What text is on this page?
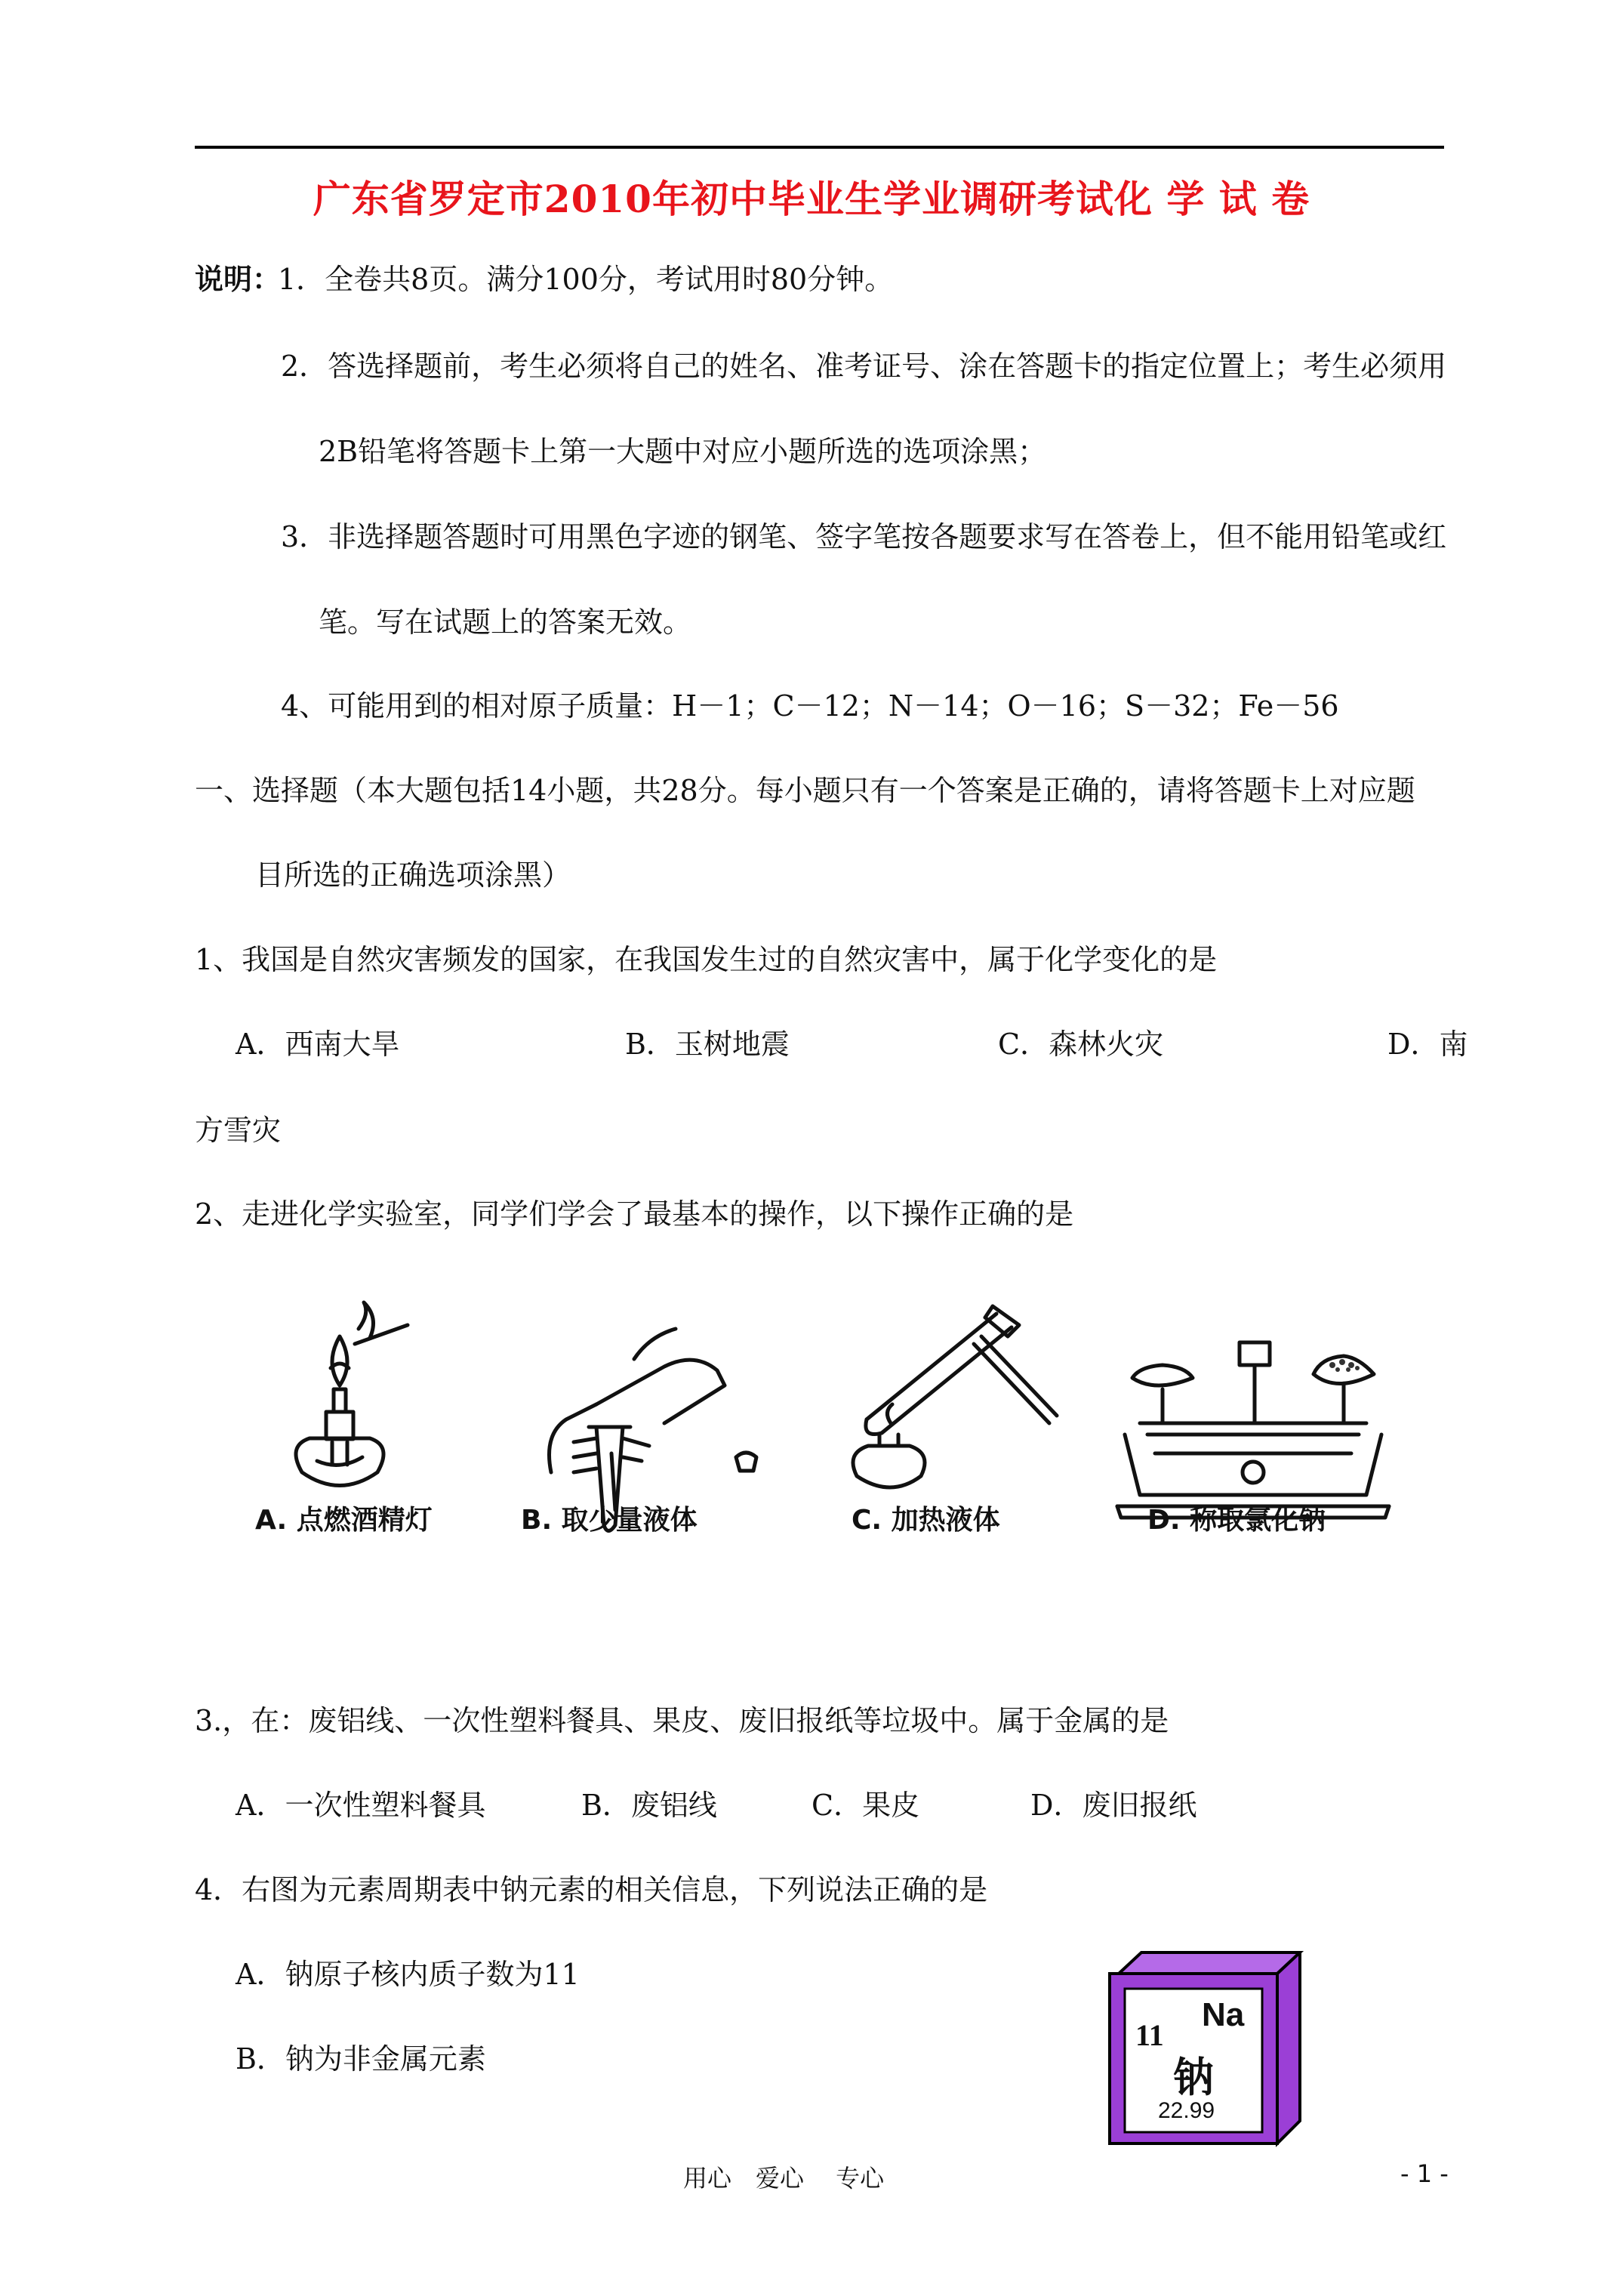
广东省罗定市2010年初中毕业生学业调研考试化 学 试 卷
说明：
1．全卷共8页。满分100分，考试用时80分钟。
2．答选择题前，考生必须将自己的姓名、准考证号、涂在答题卡的指定位置上；考生必须用
2B铅笔将答题卡上第一大题中对应小题所选的选项涂黑；
3．非选择题答题时可用黑色字迹的钢笔、签字笔按各题要求写在答卷上，但不能用铅笔或红
笔。写在试题上的答案无效。
4、可能用到的相对原子质量：H－1；C－12；N－14；O－16；S－32；Fe－56
一、选择题（本大题包括14小题，共28分。每小题只有一个答案是正确的，请将答题卡上对应题
目所选的正确选项涂黑）
1、我国是自然灾害频发的国家，在我国发生过的自然灾害中，属于化学变化的是
A．西南大旱	B．玉树地震	C．森林火灾	D．南
方雪灾
2、走进化学实验室，同学们学会了最基本的操作，以下操作正确的是
A. 点燃酒精灯	B. 取少量液体	C. 加热液体	D. 称取氯化钠
3.，在：废铝线、一次性塑料餐具、果皮、废旧报纸等垃圾中。属于金属的是
A．一次性塑料餐具	B．废铝线	C．果皮	D．废旧报纸
4．右图为元素周期表中钠元素的相关信息，下列说法正确的是
A．钠原子核内质子数为11
B．钠为非金属元素
11
Na
钠
22.99
用心　爱心　 专心	- 1 -
